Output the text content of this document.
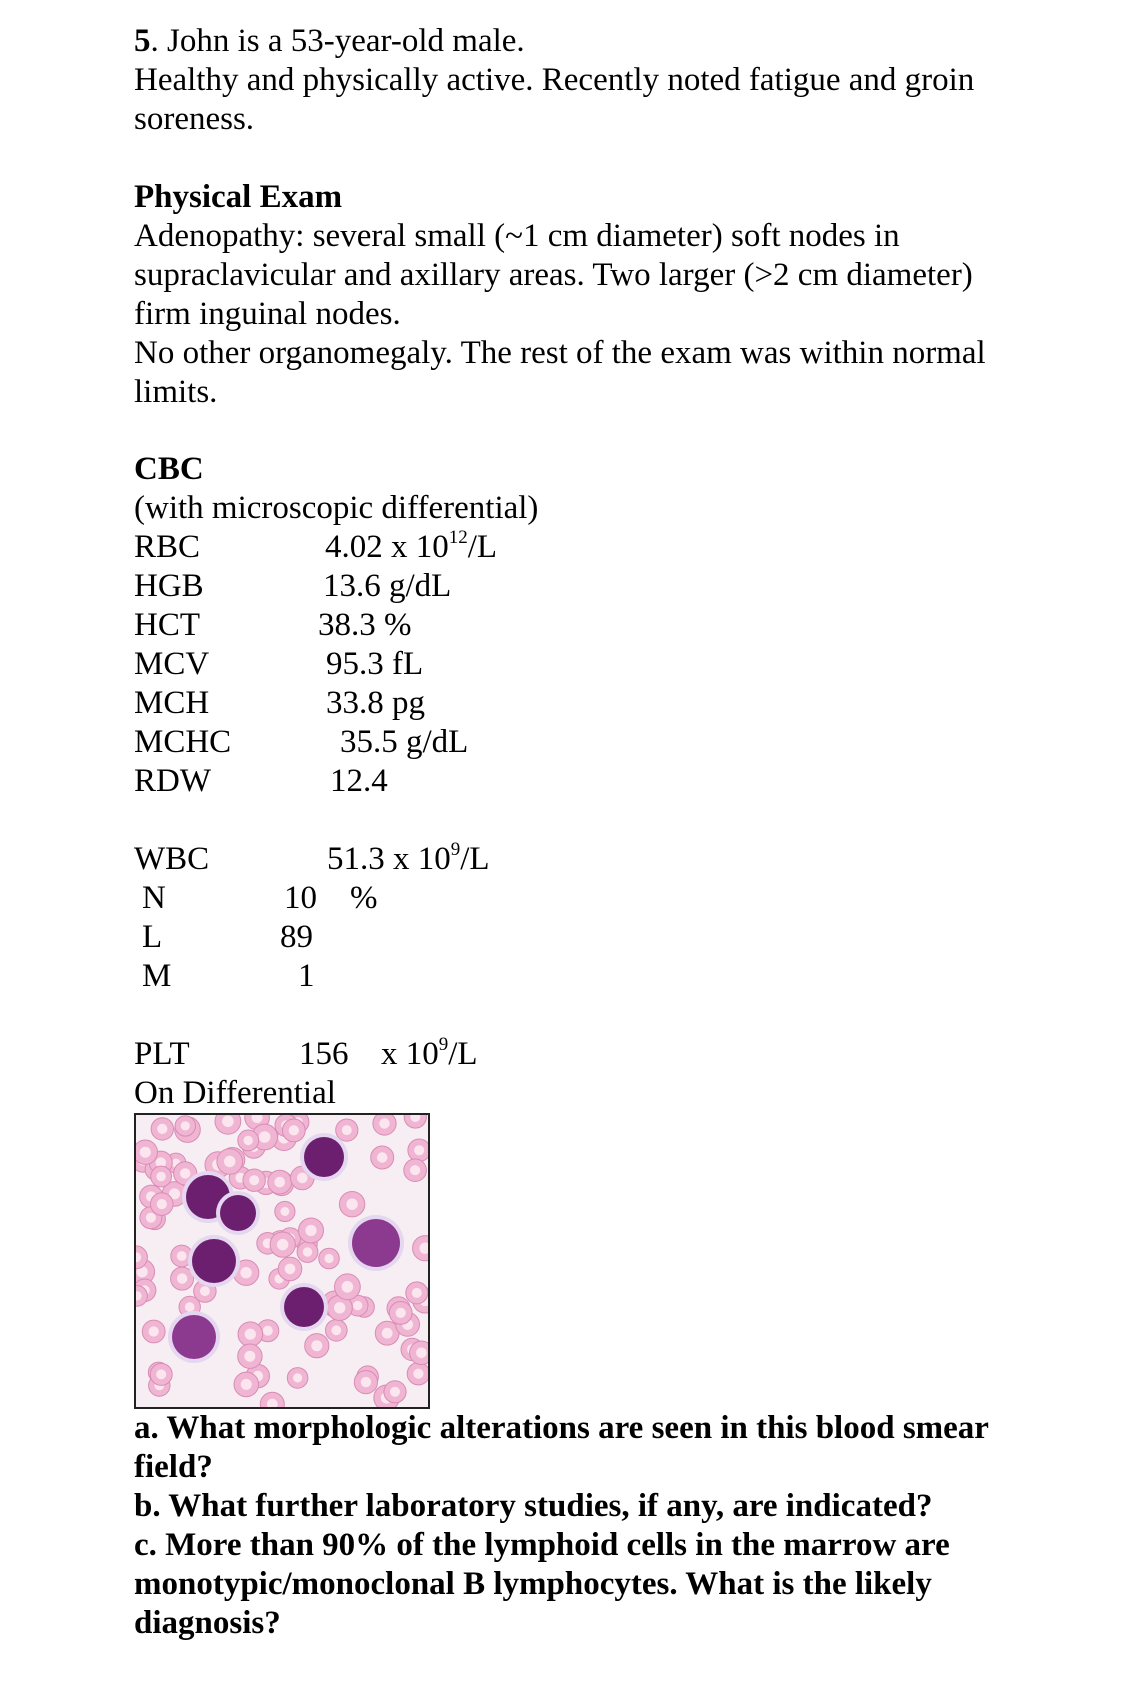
5. John is a 53-year-old male.
Healthy and physically active. Recently noted fatigue and groin
soreness.
Physical Exam
Adenopathy: several small (~1 cm diameter) soft nodes in
supraclavicular and axillary areas. Two larger (>2 cm diameter)
firm inguinal nodes.
No other organomegaly. The rest of the exam was within normal
limits.
CBC
(with microscopic differential)
RBC	4.02 x $10^{12}/L$
HGB	13.6 g/dL
HCT	38.3 %
MCV	95.3 fL
MCH	33.8 pg
MCHC	35.5 g/dL
RDW	12.4
WBC	51.3 x $10^9/L$
N	10 %
L	89
M	1
PLT	156 x $10^9/L$
On Differential
a. What morphologic alterations are seen in this blood smear
field?
b. What further laboratory studies, if any, are indicated?
c. More than 90% of the lymphoid cells in the marrow are
monotypic/monoclonal B lymphocytes. What is the likely
diagnosis?
